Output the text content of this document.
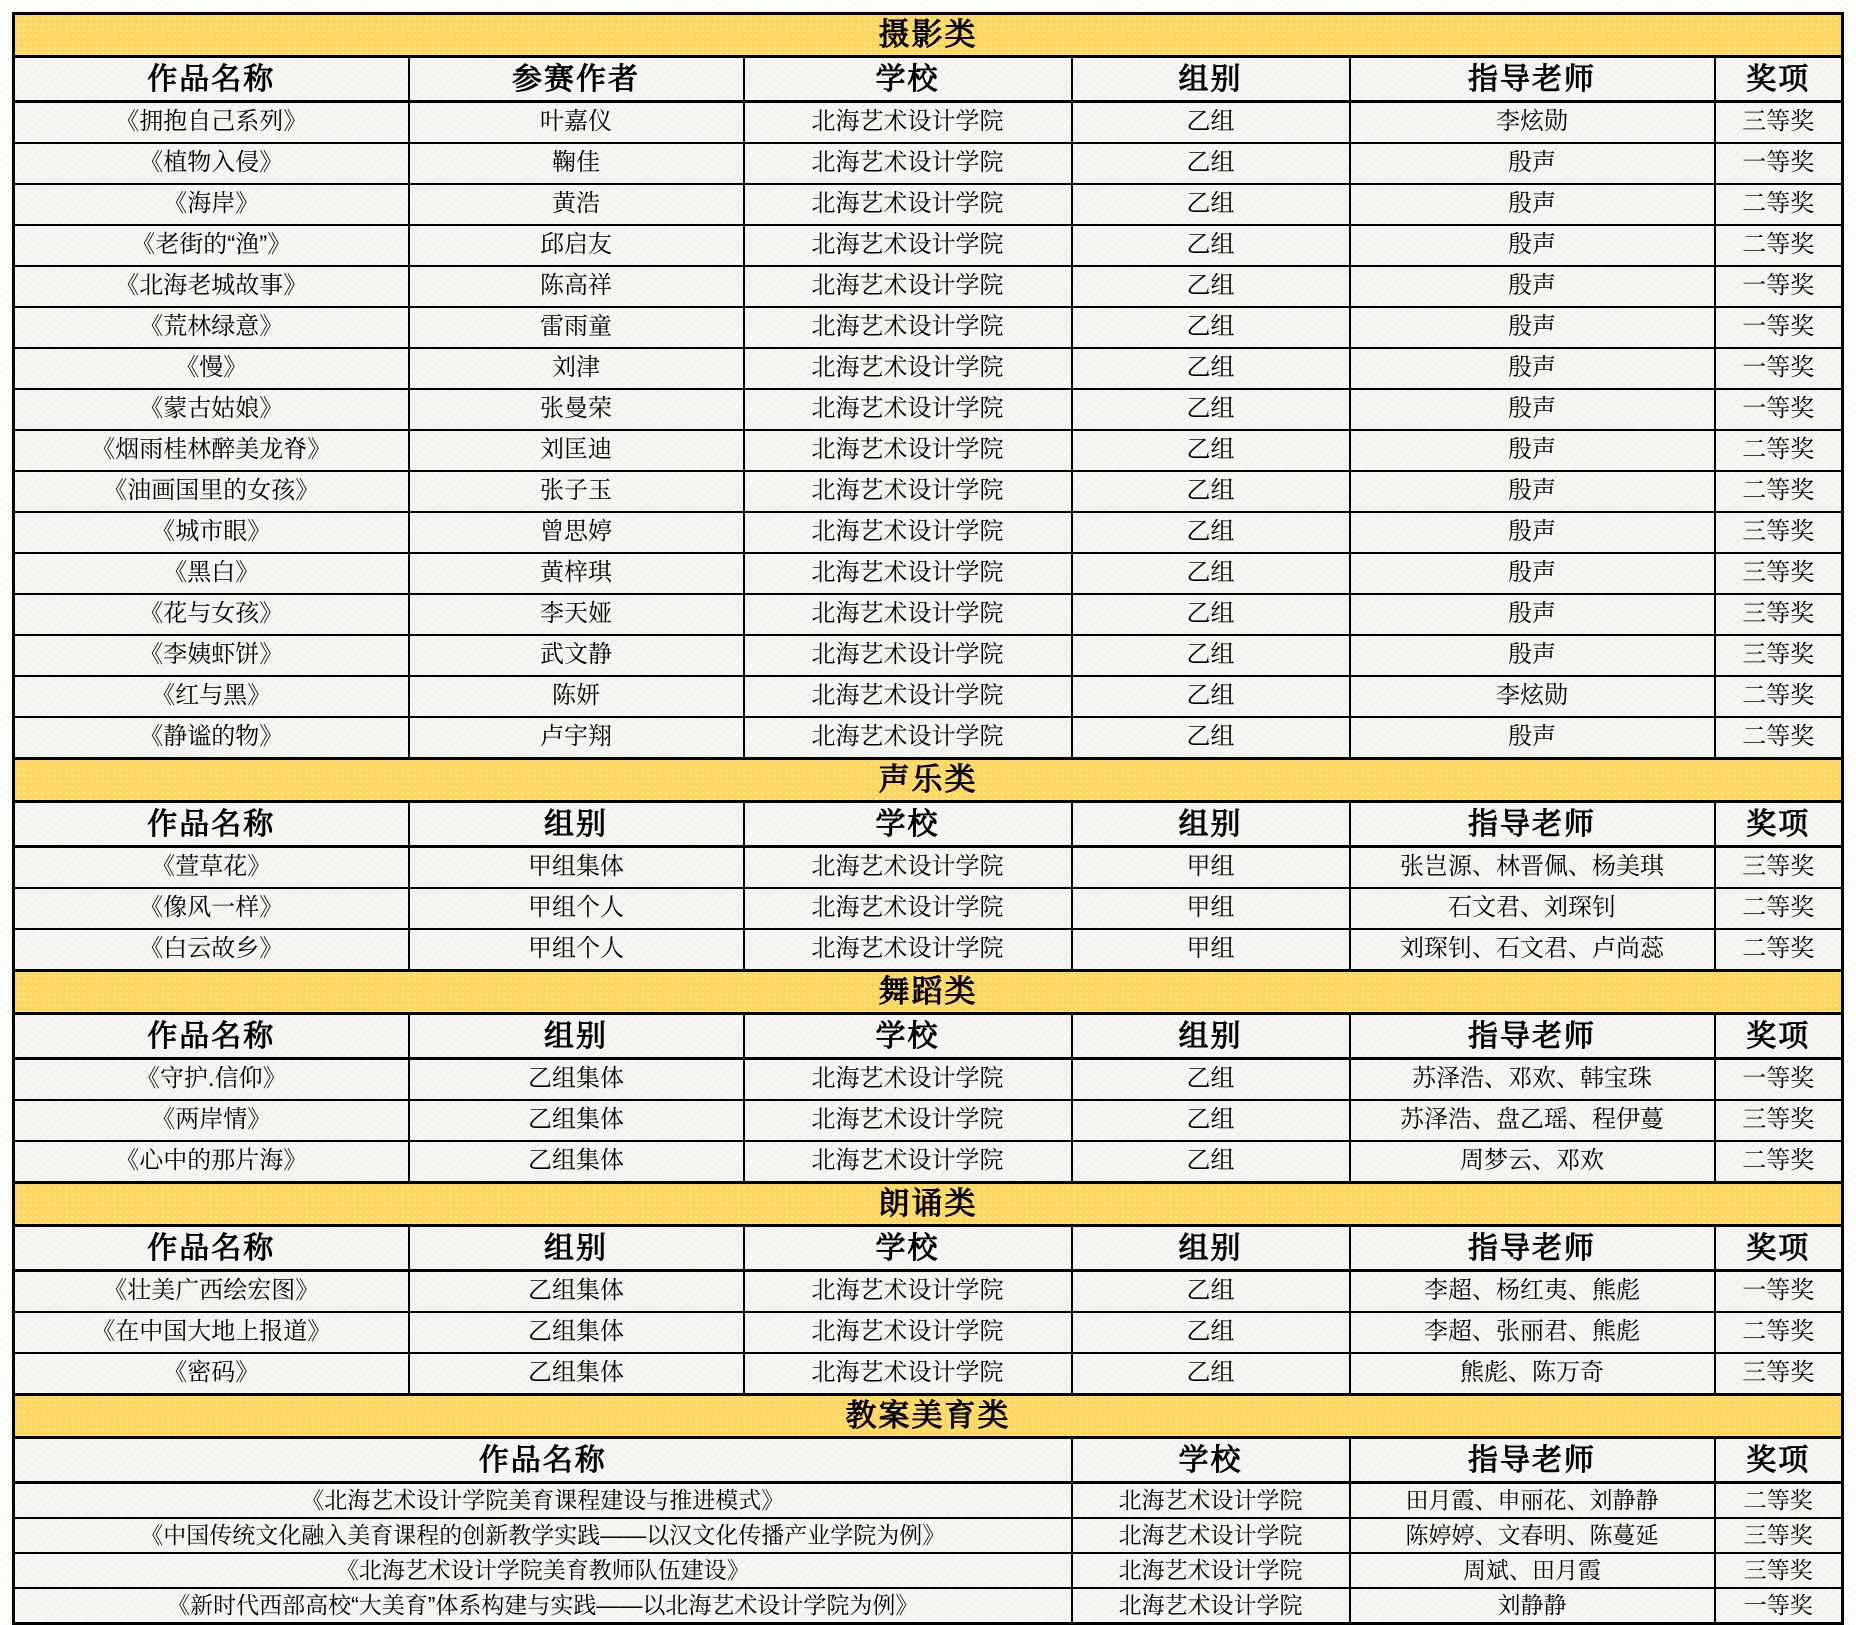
摄影类					
作品名称	参赛作者	学校	组别	指导老师	奖项
《拥抱自己系列》	叶嘉仪	北海艺术设计学院	乙组	李炫勋	三等奖
《植物入侵》	鞠佳	北海艺术设计学院	乙组	殷声	一等奖
《海岸》	黄浩	北海艺术设计学院	乙组	殷声	二等奖
《老街的“渔”》	邱启友	北海艺术设计学院	乙组	殷声	二等奖
《北海老城故事》	陈高祥	北海艺术设计学院	乙组	殷声	一等奖
《荒林绿意》	雷雨童	北海艺术设计学院	乙组	殷声	一等奖
《慢》	刘津	北海艺术设计学院	乙组	殷声	一等奖
《蒙古姑娘》	张曼荣	北海艺术设计学院	乙组	殷声	一等奖
《烟雨桂林醉美龙脊》	刘匡迪	北海艺术设计学院	乙组	殷声	二等奖
《油画国里的女孩》	张子玉	北海艺术设计学院	乙组	殷声	二等奖
《城市眼》	曾思婷	北海艺术设计学院	乙组	殷声	三等奖
《黑白》	黄梓琪	北海艺术设计学院	乙组	殷声	三等奖
《花与女孩》	李天娅	北海艺术设计学院	乙组	殷声	三等奖
《李姨虾饼》	武文静	北海艺术设计学院	乙组	殷声	三等奖
《红与黑》	陈妍	北海艺术设计学院	乙组	李炫勋	二等奖
《静谧的物》	卢宇翔	北海艺术设计学院	乙组	殷声	二等奖
声乐类					
作品名称	组别	学校	组别	指导老师	奖项
《萱草花》	甲组集体	北海艺术设计学院	甲组	张岂源、林晋佩、杨美琪	三等奖
《像风一样》	甲组个人	北海艺术设计学院	甲组	石文君、刘琛钊	二等奖
《白云故乡》	甲组个人	北海艺术设计学院	甲组	刘琛钊、石文君、卢尚蕊	二等奖
舞蹈类					
作品名称	组别	学校	组别	指导老师	奖项
《守护.信仰》	乙组集体	北海艺术设计学院	乙组	苏泽浩、邓欢、韩宝珠	一等奖
《两岸情》	乙组集体	北海艺术设计学院	乙组	苏泽浩、盘乙瑶、程伊蔓	三等奖
《心中的那片海》	乙组集体	北海艺术设计学院	乙组	周梦云、邓欢	二等奖
朗诵类					
作品名称	组别	学校	组别	指导老师	奖项
《壮美广西绘宏图》	乙组集体	北海艺术设计学院	乙组	李超、杨红夷、熊彪	一等奖
《在中国大地上报道》	乙组集体	北海艺术设计学院	乙组	李超、张丽君、熊彪	二等奖
《密码》	乙组集体	北海艺术设计学院	乙组	熊彪、陈万奇	三等奖
教案美育类					
作品名称			学校	指导老师	奖项
《北海艺术设计学院美育课程建设与推进模式》			北海艺术设计学院	田月霞、申丽花、刘静静	二等奖
《中国传统文化融入美育课程的创新教学实践——以汉文化传播产业学院为例》			北海艺术设计学院	陈婷婷、文春明、陈蔓延	三等奖
《北海艺术设计学院美育教师队伍建设》			北海艺术设计学院	周斌、田月霞	三等奖
《新时代西部高校“大美育”体系构建与实践——以北海艺术设计学院为例》			北海艺术设计学院	刘静静	一等奖
